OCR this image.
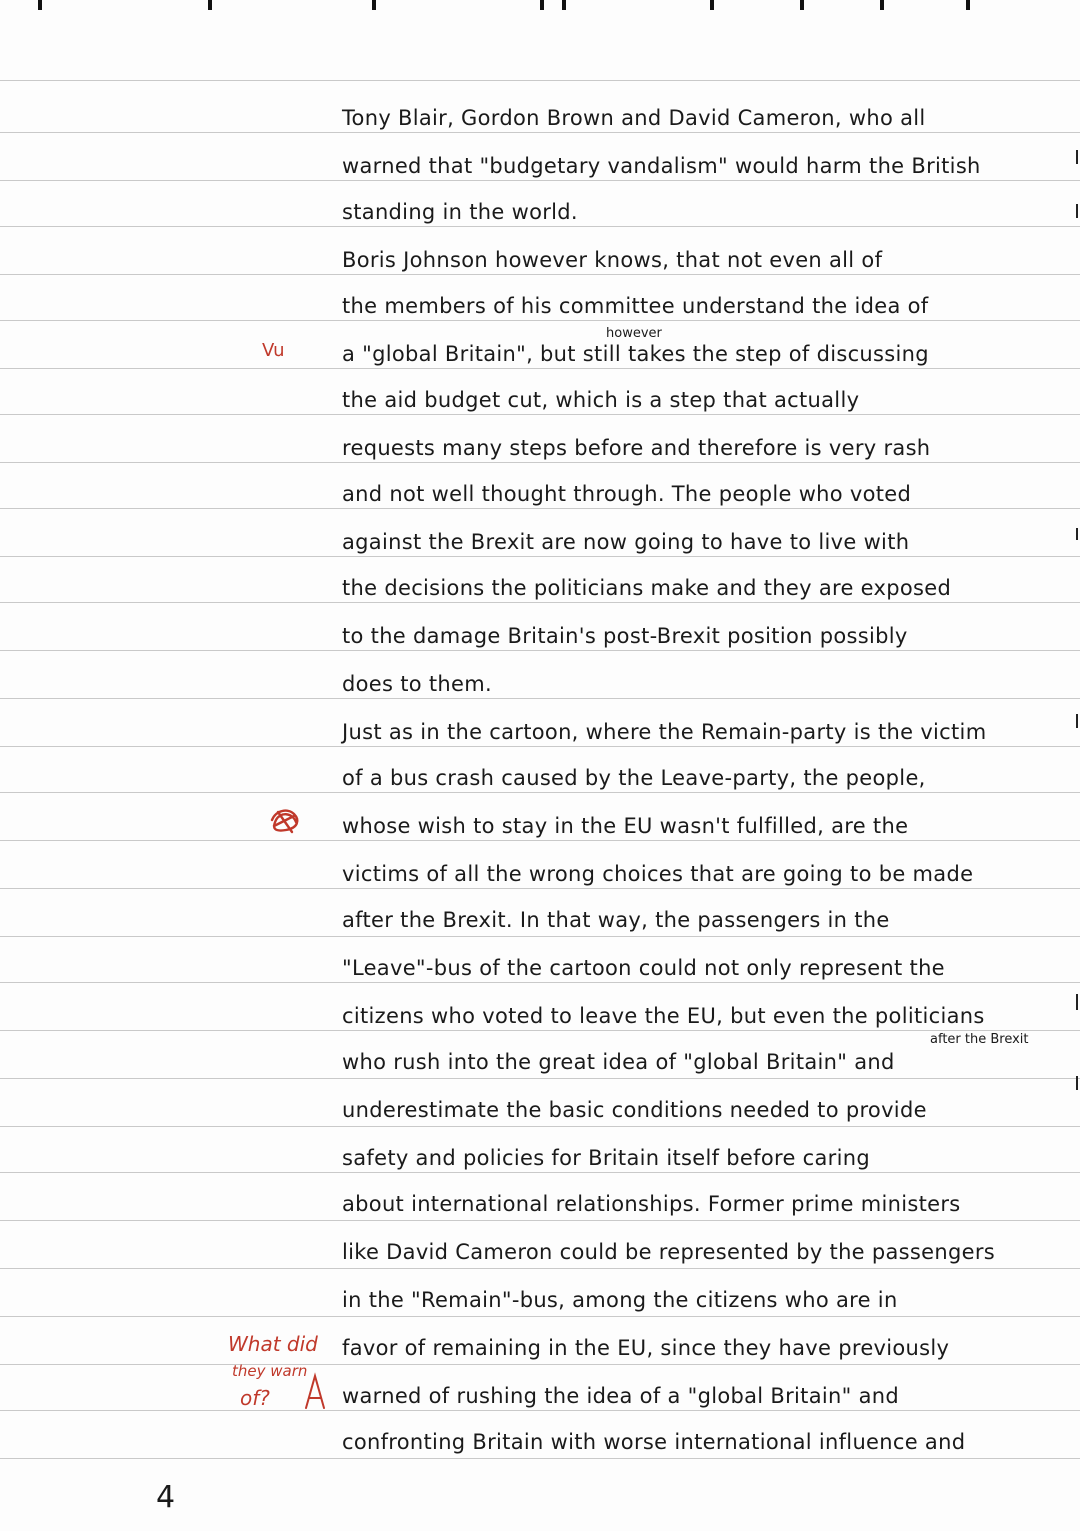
Tony Blair, Gordon Brown and David Cameron, who all
warned that "budgetary vandalism" would harm the British
standing in the world.
Boris Johnson however knows, that not even all of
the members of his committee understand the idea of
however
a "global Britain", but still takes the step of discussing
the aid budget cut, which is a step that actually
requests many steps before and therefore is very rash
and not well thought through. The people who voted
against the Brexit are now going to have to live with
the decisions the politicians make and they are exposed
to the damage Britain's post-Brexit position possibly
does to them.
Just as in the cartoon, where the Remain-party is the victim
of a bus crash caused by the Leave-party, the people,
whose wish to stay in the EU wasn't fulfilled, are the
victims of all the wrong choices that are going to be made
after the Brexit. In that way, the passengers in the
"Leave"-bus of the cartoon could not only represent the
citizens who voted to leave the EU, but even the politicians
after the Brexit
who rush into the great idea of "global Britain" and
underestimate the basic conditions needed to provide
safety and policies for Britain itself before caring
about international relationships. Former prime ministers
like David Cameron could be represented by the passengers
in the "Remain"-bus, among the citizens who are in
favor of remaining in the EU, since they have previously
warned of rushing the idea of a "global Britain" and
confronting Britain with worse international influence and
Vu
What did
they warn
of?
4
